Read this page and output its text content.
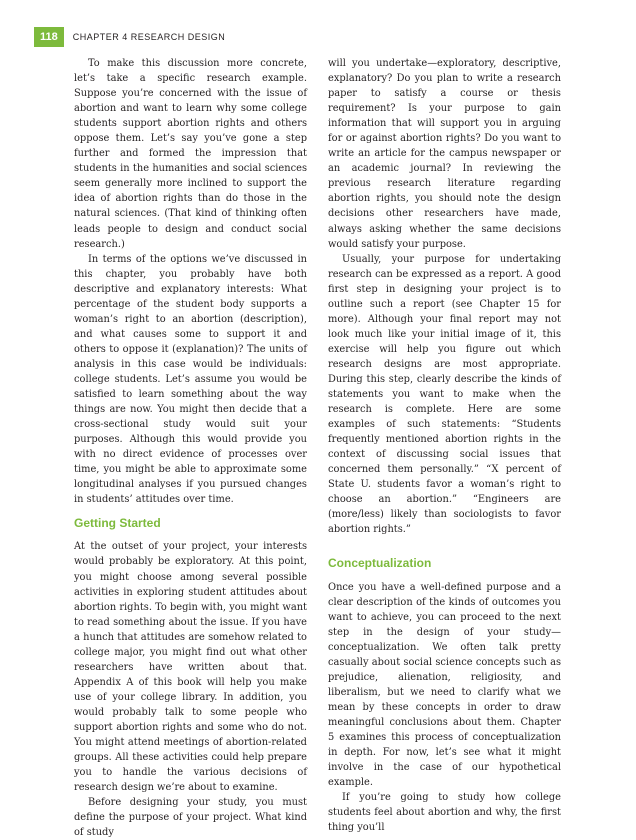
118	CHAPTER 4 RESEARCH DESIGN

To make this discussion more concrete, let’s take a specific research example. Suppose you’re concerned with the issue of abortion and want to learn why some college students support abortion rights and others oppose them. Let’s say you’ve gone a step further and formed the impression that students in the humanities and social sciences seem generally more inclined to support the idea of abortion rights than do those in the natural sciences. (That kind of thinking often leads people to design and conduct social research.)

In terms of the options we’ve discussed in this chapter, you probably have both descriptive and explanatory interests: What percentage of the student body supports a woman’s right to an abortion (description), and what causes some to support it and others to oppose it (explanation)? The units of analysis in this case would be individuals: college students. Let’s assume you would be satisfied to learn something about the way things are now. You might then decide that a cross-sectional study would suit your purposes. Although this would provide you with no direct evidence of processes over time, you might be able to approximate some longitudinal analyses if you pursued changes in students’ attitudes over time.

Getting Started

At the outset of your project, your interests would probably be exploratory. At this point, you might choose among several possible activities in exploring student attitudes about abortion rights. To begin with, you might want to read something about the issue. If you have a hunch that attitudes are somehow related to college major, you might find out what other researchers have written about that. Appendix A of this book will help you make use of your college library. In addition, you would probably talk to some people who support abortion rights and some who do not. You might attend meetings of abortion-related groups. All these activities could help prepare you to handle the various decisions of research design we’re about to examine.

Before designing your study, you must define the purpose of your project. What kind of study

will you undertake—exploratory, descriptive, explanatory? Do you plan to write a research paper to satisfy a course or thesis requirement? Is your purpose to gain information that will support you in arguing for or against abortion rights? Do you want to write an article for the campus newspaper or an academic journal? In reviewing the previous research literature regarding abortion rights, you should note the design decisions other researchers have made, always asking whether the same decisions would satisfy your purpose.

Usually, your purpose for undertaking research can be expressed as a report. A good first step in designing your project is to outline such a report (see Chapter 15 for more). Although your final report may not look much like your initial image of it, this exercise will help you figure out which research designs are most appropriate. During this step, clearly describe the kinds of statements you want to make when the research is complete. Here are some examples of such statements: “Students frequently mentioned abortion rights in the context of discussing social issues that concerned them personally.” “X percent of State U. students favor a woman’s right to choose an abortion.” “Engineers are (more/less) likely than sociologists to favor abortion rights.”

Conceptualization

Once you have a well-defined purpose and a clear description of the kinds of outcomes you want to achieve, you can proceed to the next step in the design of your study—conceptualization. We often talk pretty casually about social science concepts such as prejudice, alienation, religiosity, and liberalism, but we need to clarify what we mean by these concepts in order to draw meaningful conclusions about them. Chapter 5 examines this process of conceptualization in depth. For now, let’s see what it might involve in the case of our hypothetical example.

If you’re going to study how college students feel about abortion and why, the first thing you’ll
